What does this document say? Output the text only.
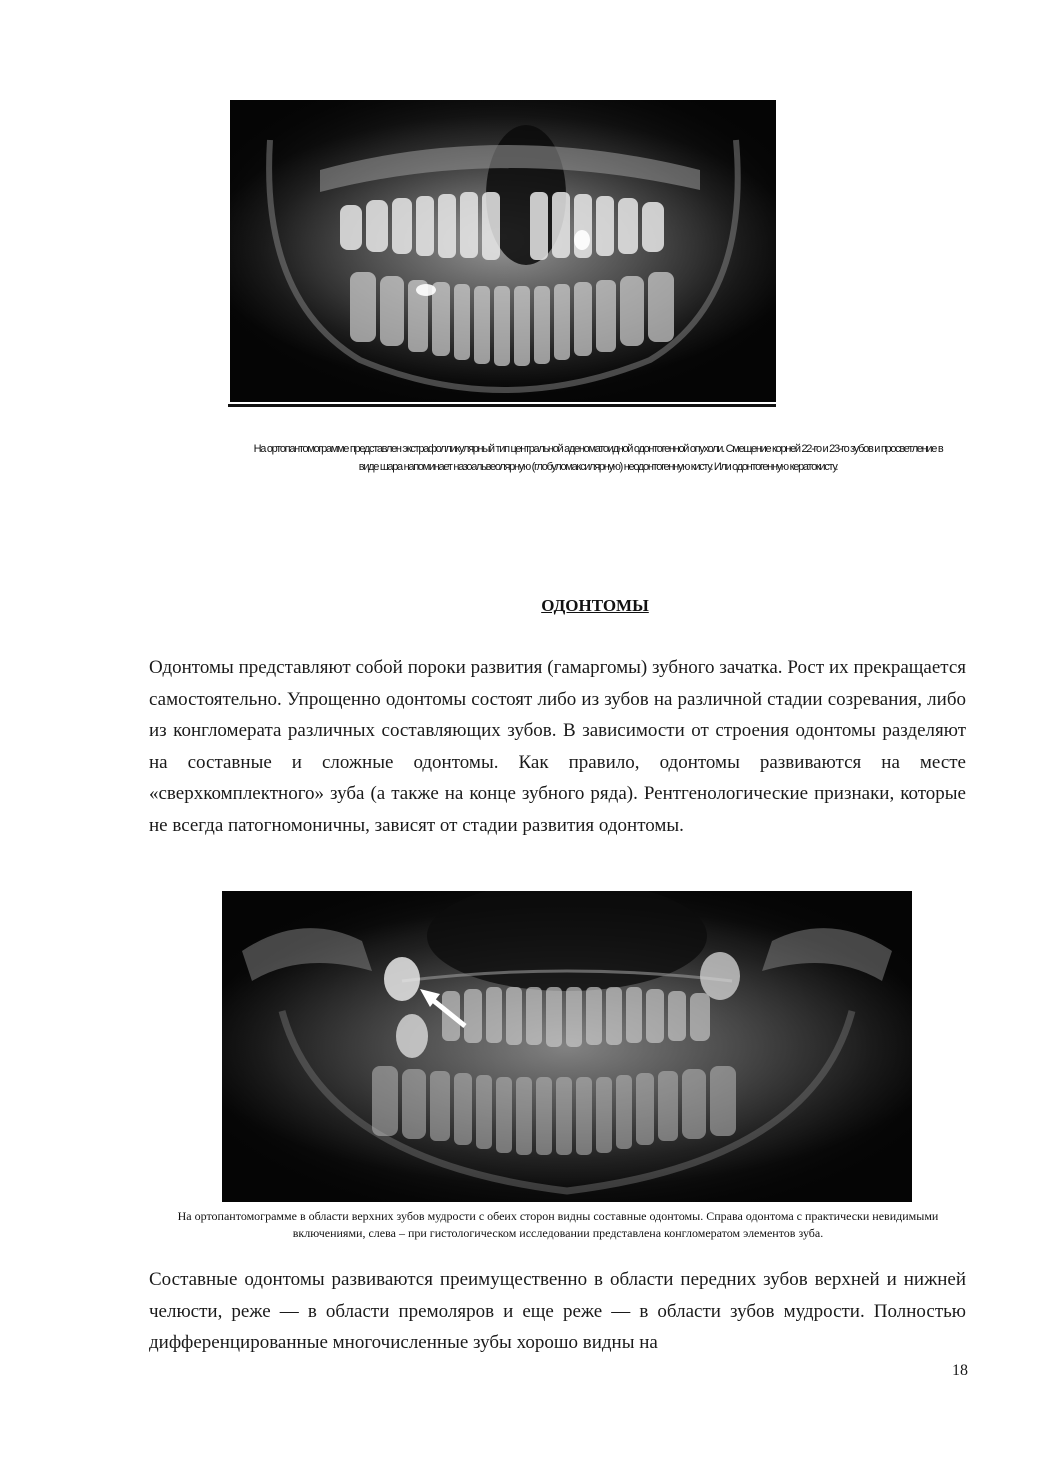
На ортопантомограмме представлен экстрафолликулярный тип центральной аденоматоидной одонтогенной опухоли. Смещение корней 22-го и 23-го зубов и просветление в виде шара напоминает назоальвеолярную (глобуломаксилярную) неодонтогенную кисту. Или одонтогенную кератокисту.
ОДОНТОМЫ
Одонтомы представляют собой пороки развития (гамаргомы) зубного зачатка. Рост их прекращается самостоятельно. Упрощенно одонтомы состоят либо из зубов на различной стадии созревания, либо из конгломерата различных составляющих зубов. В зависимости от строения одонтомы разделяют на составные и сложные одонтомы. Как правило, одонтомы развиваются на месте «сверхкомплектного» зуба (а также на конце зубного ряда). Рентгенологические признаки, которые не всегда патогномоничны, зависят от стадии развития одонтомы.
На ортопантомограмме в области верхних зубов мудрости с обеих сторон видны составные одонтомы. Справа одонтома с практически невидимыми включениями, слева – при гистологическом исследовании представлена конгломератом элементов зуба.
Составные одонтомы развиваются преимущественно в области передних зубов верхней и нижней челюсти, реже — в области премоляров и еще реже — в области зубов мудрости. Полностью дифференцированные многочисленные зубы хорошо видны на
18
